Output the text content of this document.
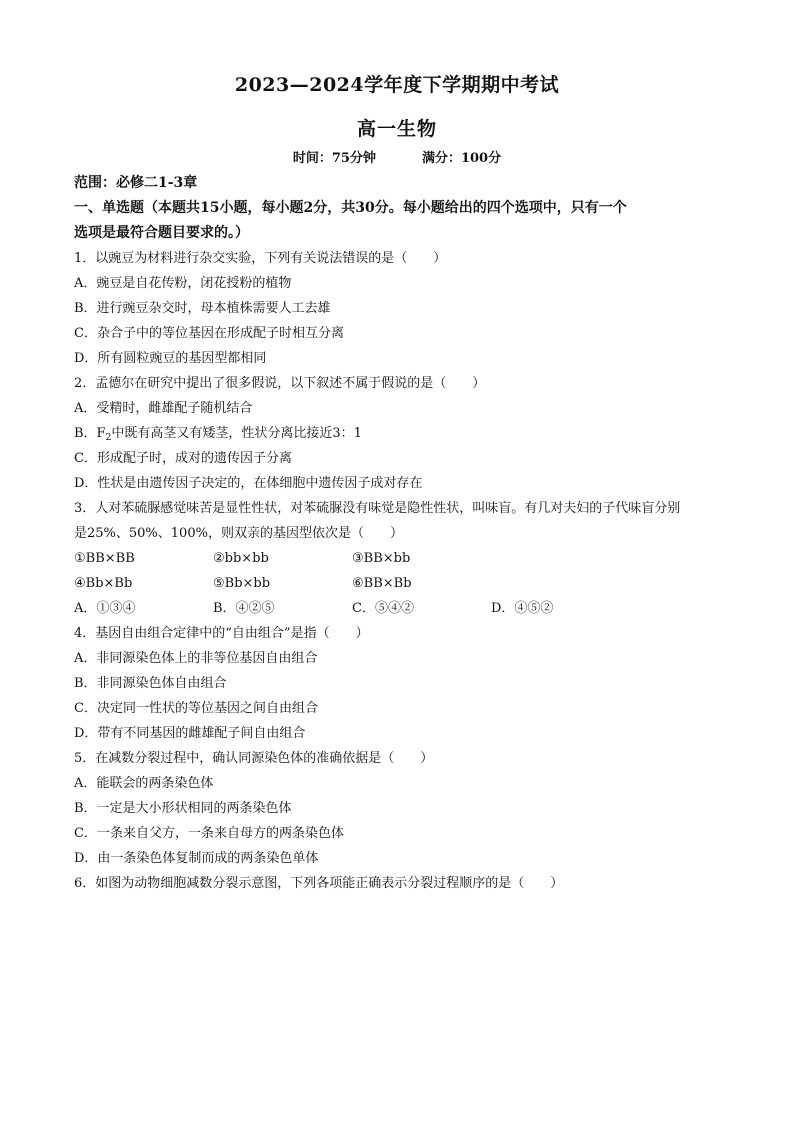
2023—2024学年度下学期期中考试
高一生物
时间：75分钟	满分：100分
范围：必修二1-3章
一、单选题（本题共15小题，每小题2分，共30分。每小题给出的四个选项中，只有一个
选项是最符合题目要求的。）
1．以豌豆为材料进行杂交实验，下列有关说法错误的是（　　）
A．豌豆是自花传粉，闭花授粉的植物
B．进行豌豆杂交时，母本植株需要人工去雄
C．杂合子中的等位基因在形成配子时相互分离
D．所有圆粒豌豆的基因型都相同
2．孟德尔在研究中提出了很多假说，以下叙述不属于假说的是（　　）
A．受精时，雌雄配子随机结合
B．$F_2$中既有高茎又有矮茎，性状分离比接近3：1
C．形成配子时，成对的遗传因子分离
D．性状是由遗传因子决定的，在体细胞中遗传因子成对存在
3．人对苯硫脲感觉味苦是显性性状，对苯硫脲没有味觉是隐性性状，叫味盲。有几对夫妇的子代味盲分别
是25%、50%、100%，则双亲的基因型依次是（　　）
①BB×BB	②bb×bb	③BB×bb
④Bb×Bb	⑤Bb×bb	⑥BB×Bb
A．①③④	B．④②⑤	C．⑤④②	D．④⑤②
4．基因自由组合定律中的“自由组合”是指（　　）
A．非同源染色体上的非等位基因自由组合
B．非同源染色体自由组合
C．决定同一性状的等位基因之间自由组合
D．带有不同基因的雌雄配子间自由组合
5．在减数分裂过程中，确认同源染色体的准确依据是（　　）
A．能联会的两条染色体
B．一定是大小形状相同的两条染色体
C．一条来自父方，一条来自母方的两条染色体
D．由一条染色体复制而成的两条染色单体
6．如图为动物细胞减数分裂示意图，下列各项能正确表示分裂过程顺序的是（　　）
